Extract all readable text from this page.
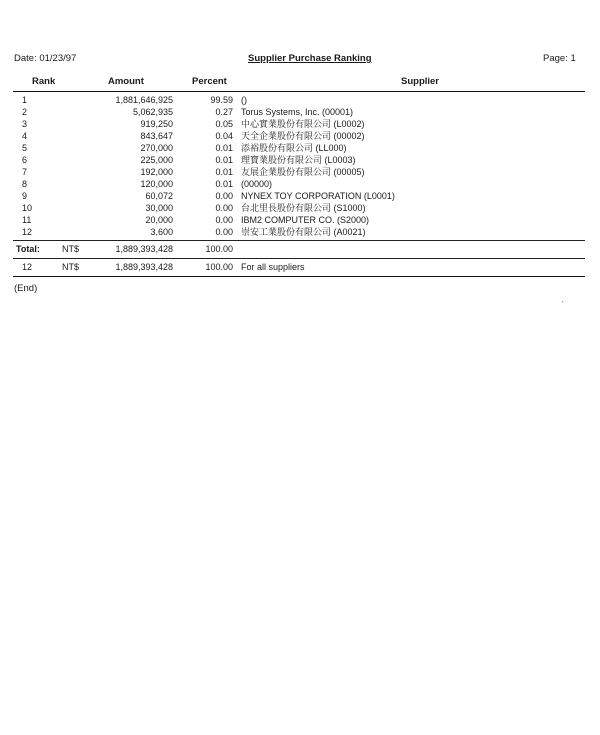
Date: 01/23/97	Supplier Purchase Ranking	Page: 1
Rank	Amount	Percent	Supplier
1	1,881,646,925	99.59 ()
2	5,062,935	0.27 Torus Systems, Inc. (00001)
3	919,250	0.05 中心實業股份有限公司 (L0002)
4	843,647	0.04 天全企業股份有限公司 (00002)
5	270,000	0.01 添裕股份有限公司 (LL000)
6	225,000	0.01 理寶業股份有限公司 (L0003)
7	192,000	0.01 友展企業股份有限公司 (00005)
8	120,000	0.01 (00000)
9	60,072	0.00 NYNEX TOY CORPORATION (L0001)
10	30,000	0.00 台北里長股份有限公司 (S1000)
11	20,000	0.00 IBM2 COMPUTER CO. (S2000)
12	3,600	0.00 崇安工業股份有限公司 (A0021)
Total: NT$	1,889,393,428	100.00
12	NT$	1,889,393,428	100.00 For all suppliers
(End)
